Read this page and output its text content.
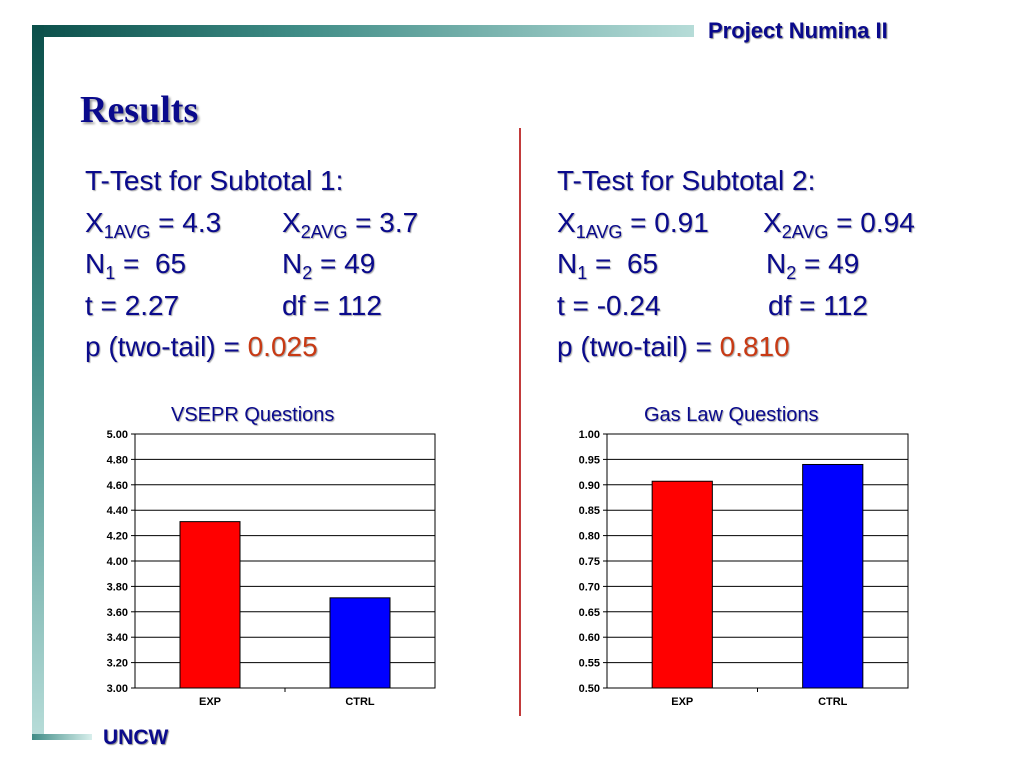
Project Numina II
Results
T-Test for Subtotal 1:
$X_{1AVG} = 4.3$ $X_{2AVG} = 3.7$
$N_1 = 65$	$N_2 = 49$
t = 2.27	df = 112
p (two-tail) = 0.025
T-Test for Subtotal 2:
$X_{1AVG} = 0.91$ $X_{2AVG} = 0.94$
$N_1 = 65$	$N_2 = 49$
t = -0.24	df = 112
p (two-tail) = 0.810
VSEPR Questions	Gas Law Questions
3.00
3.20
3.40
3.60
3.80
4.00
4.20
4.40
4.60
4.80
5.00
EXP	CTRL
0.50
0.55
0.60
0.65
0.70
0.75
0.80
0.85
0.90
0.95
1.00
EXP	CTRL
UNCW
